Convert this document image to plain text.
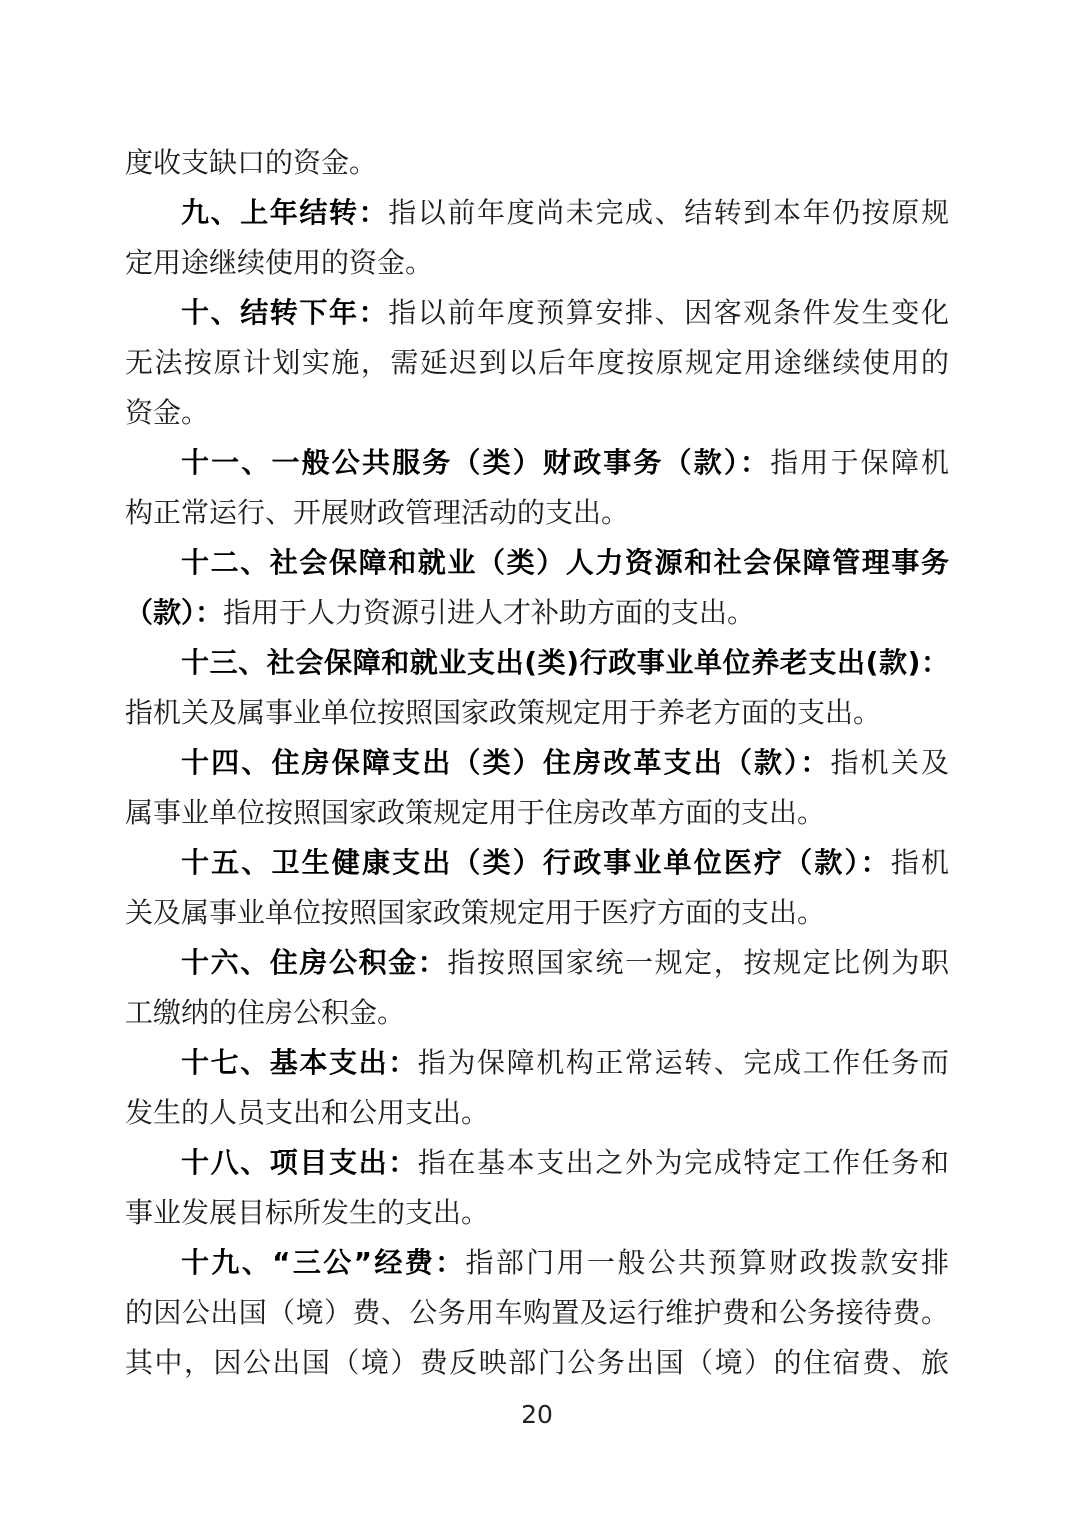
度收支缺口的资金。
九、上年结转：指以前年度尚未完成、结转到本年仍按原规
定用途继续使用的资金。
十、结转下年：指以前年度预算安排、因客观条件发生变化
无法按原计划实施，需延迟到以后年度按原规定用途继续使用的
资金。
十一、一般公共服务（类）财政事务（款）：指用于保障机
构正常运行、开展财政管理活动的支出。
十二、社会保障和就业（类）人力资源和社会保障管理事务
（款）：指用于人力资源引进人才补助方面的支出。
十三、社会保障和就业支出(类)行政事业单位养老支出(款)：
指机关及属事业单位按照国家政策规定用于养老方面的支出。
十四、住房保障支出（类）住房改革支出（款）：指机关及
属事业单位按照国家政策规定用于住房改革方面的支出。
十五、卫生健康支出（类）行政事业单位医疗（款）：指机
关及属事业单位按照国家政策规定用于医疗方面的支出。
十六、住房公积金：指按照国家统一规定，按规定比例为职
工缴纳的住房公积金。
十七、基本支出：指为保障机构正常运转、完成工作任务而
发生的人员支出和公用支出。
十八、项目支出：指在基本支出之外为完成特定工作任务和
事业发展目标所发生的支出。
十九、“三公”经费：指部门用一般公共预算财政拨款安排
的因公出国（境）费、公务用车购置及运行维护费和公务接待费。
其中，因公出国（境）费反映部门公务出国（境）的住宿费、旅
20
